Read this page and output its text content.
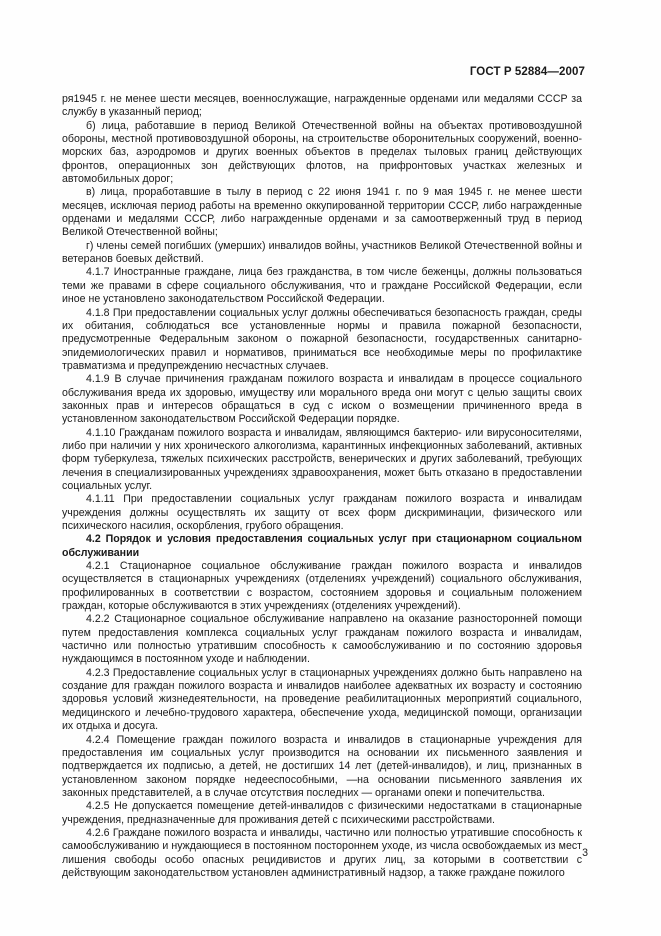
ГОСТ Р 52884—2007

ря1945 г. не менее шести месяцев, военнослужащие, награжденные орденами или медалями СССР за службу в указанный период;

б) лица, работавшие в период Великой Отечественной войны на объектах противовоздушной обороны, местной противовоздушной обороны, на строительстве оборонительных сооружений, военно-морских баз, аэродромов и других военных объектов в пределах тыловых границ действующих фронтов, операционных зон действующих флотов, на прифронтовых участках железных и автомобильных дорог;

в) лица, проработавшие в тылу в период с 22 июня 1941 г. по 9 мая 1945 г. не менее шести месяцев, исключая период работы на временно оккупированной территории СССР, либо награжденные орденами и медалями СССР, либо награжденные орденами и за самоотверженный труд в период Великой Отечественной войны;

г) члены семей погибших (умерших) инвалидов войны, участников Великой Отечественной войны и ветеранов боевых действий.

4.1.7 Иностранные граждане, лица без гражданства, в том числе беженцы, должны пользоваться теми же правами в сфере социального обслуживания, что и граждане Российской Федерации, если иное не установлено законодательством Российской Федерации.

4.1.8 При предоставлении социальных услуг должны обеспечиваться безопасность граждан, среды их обитания, соблюдаться все установленные нормы и правила пожарной безопасности, предусмотренные Федеральным законом о пожарной безопасности, государственных санитарно-эпидемиологических правил и нормативов, приниматься все необходимые меры по профилактике травматизма и предупреждению несчастных случаев.

4.1.9 В случае причинения гражданам пожилого возраста и инвалидам в процессе социального обслуживания вреда их здоровью, имуществу или морального вреда они могут с целью защиты своих законных прав и интересов обращаться в суд с иском о возмещении причиненного вреда в установленном законодательством Российской Федерации порядке.

4.1.10 Гражданам пожилого возраста и инвалидам, являющимся бактерио- или вирусоносителями, либо при наличии у них хронического алкоголизма, карантинных инфекционных заболеваний, активных форм туберкулеза, тяжелых психических расстройств, венерических и других заболеваний, требующих лечения в специализированных учреждениях здравоохранения, может быть отказано в предоставлении социальных услуг.

4.1.11 При предоставлении социальных услуг гражданам пожилого возраста и инвалидам учреждения должны осуществлять их защиту от всех форм дискриминации, физического или психического насилия, оскорбления, грубого обращения.

4.2 Порядок и условия предоставления социальных услуг при стационарном социальном обслуживании

4.2.1 Стационарное социальное обслуживание граждан пожилого возраста и инвалидов осуществляется в стационарных учреждениях (отделениях учреждений) социального обслуживания, профилированных в соответствии с возрастом, состоянием здоровья и социальным положением граждан, которые обслуживаются в этих учреждениях (отделениях учреждений).

4.2.2 Стационарное социальное обслуживание направлено на оказание разносторонней помощи путем предоставления комплекса социальных услуг гражданам пожилого возраста и инвалидам, частично или полностью утратившим способность к самообслуживанию и по состоянию здоровья нуждающимся в постоянном уходе и наблюдении.

4.2.3 Предоставление социальных услуг в стационарных учреждениях должно быть направлено на создание для граждан пожилого возраста и инвалидов наиболее адекватных их возрасту и состоянию здоровья условий жизнедеятельности, на проведение реабилитационных мероприятий социального, медицинского и лечебно-трудового характера, обеспечение ухода, медицинской помощи, организации их отдыха и досуга.

4.2.4 Помещение граждан пожилого возраста и инвалидов в стационарные учреждения для предоставления им социальных услуг производится на основании их письменного заявления и подтверждается их подписью, а детей, не достигших 14 лет (детей-инвалидов), и лиц, признанных в установленном законом порядке недееспособными, —на основании письменного заявления их законных представителей, а в случае отсутствия последних — органами опеки и попечительства.

4.2.5 Не допускается помещение детей-инвалидов с физическими недостатками в стационарные учреждения, предназначенные для проживания детей с психическими расстройствами.

4.2.6 Граждане пожилого возраста и инвалиды, частично или полностью утратившие способность к самообслуживанию и нуждающиеся в постоянном постороннем уходе, из числа освобождаемых из мест лишения свободы особо опасных рецидивистов и других лиц, за которыми в соответствии с действующим законодательством установлен административный надзор, а также граждане пожилого

3
